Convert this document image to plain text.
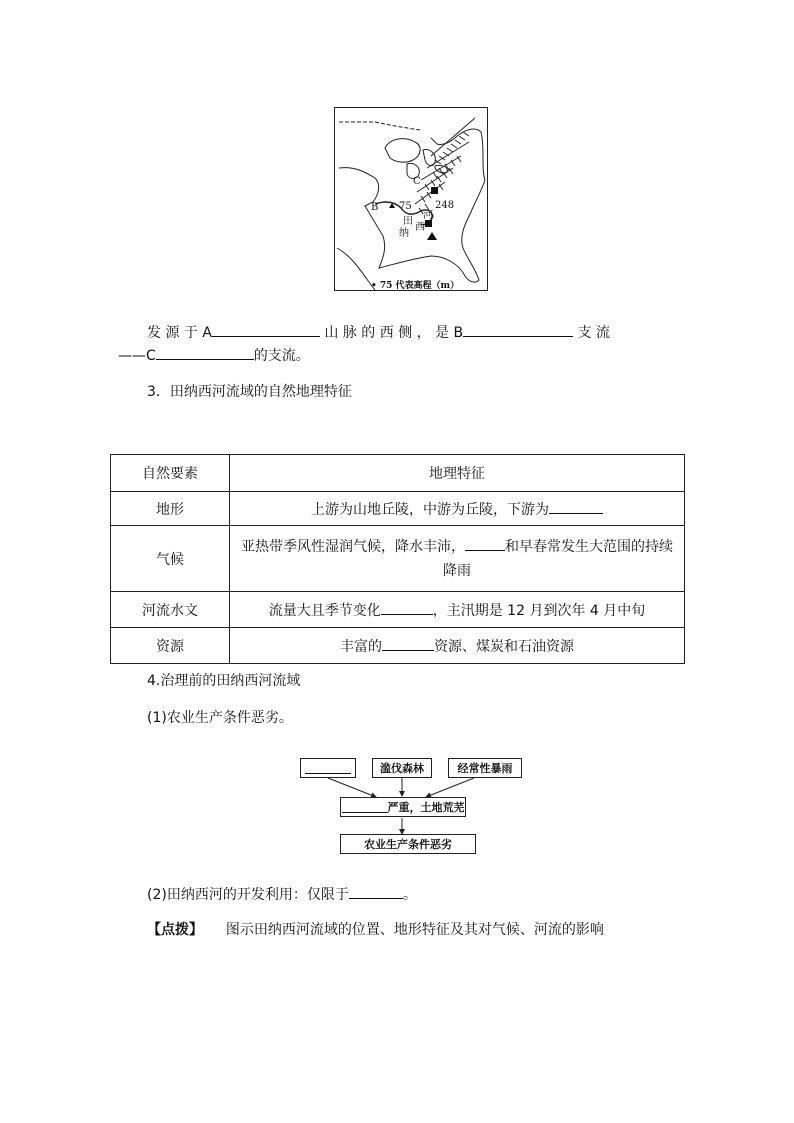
B 75 248
C
田
纳
西
河
• 75 代表高程（m）
发 源 于 A	山 脉 的 西 侧 ， 是 B	支 流
——C	的支流。
3．田纳西河流域的自然地理特征
自然要素	地理特征
地形	上游为山地丘陵，中游为丘陵，下游为
气候	亚热带季风性湿润气候，降水丰沛， 和早春常发生大范围的持续
降雨
河流水文	流量大且季节变化 ，主汛期是 12 月到次年 4 月中旬
资源	丰富的 资源、煤炭和石油资源
4.治理前的田纳西河流域
(1)农业生产条件恶劣。
滥伐森林	经常性暴雨
严重，土地荒芜
农业生产条件恶劣
(2)田纳西河的开发利用：仅限于	。
【点拨】 图示田纳西河流域的位置、地形特征及其对气候、河流的影响
